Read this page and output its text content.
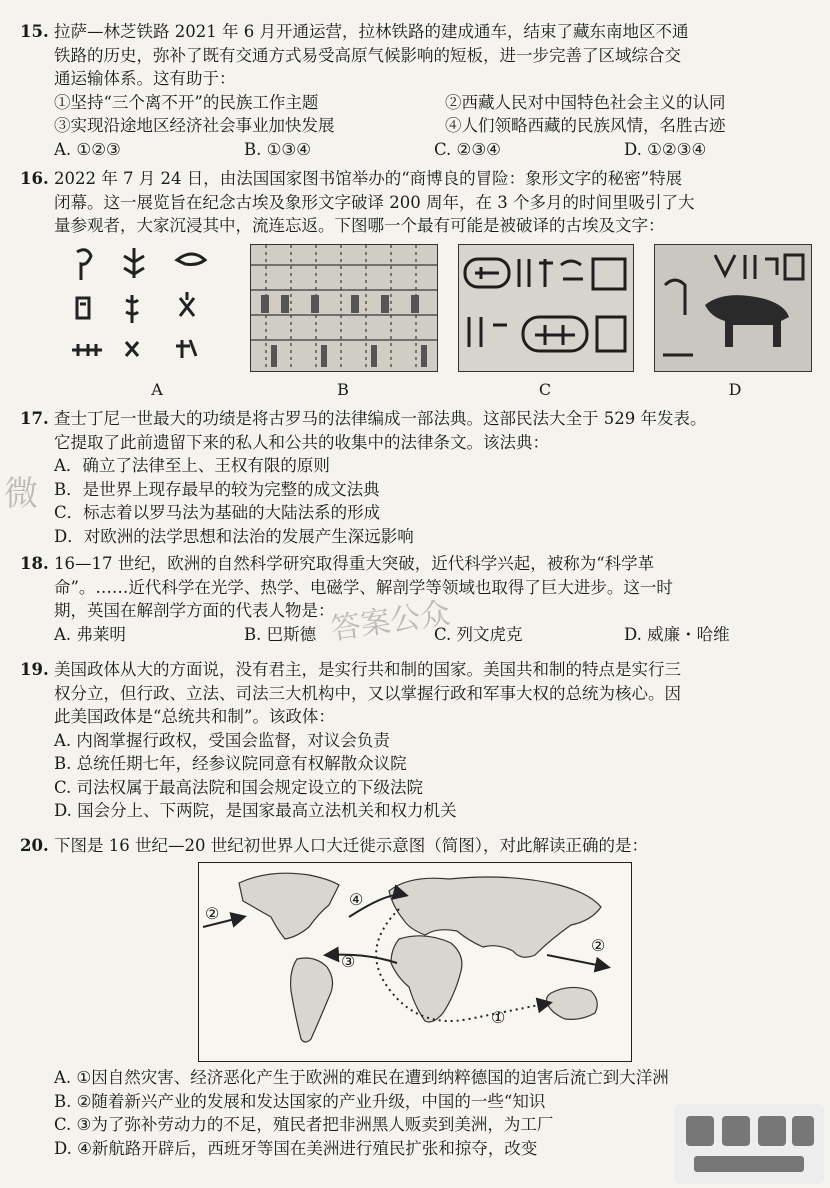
15. 拉萨—林芝铁路 2021 年 6 月开通运营，拉林铁路的建成通车，结束了藏东南地区不通
铁路的历史，弥补了既有交通方式易受高原气候影响的短板，进一步完善了区域综合交
通运输体系。这有助于：
①坚持“三个离不开”的民族工作主题	②西藏人民对中国特色社会主义的认同
③实现沿途地区经济社会事业加快发展	④人们领略西藏的民族风情，名胜古迹
A. ①②③	B. ①③④	C. ②③④	D. ①②③④
16. 2022 年 7 月 24 日，由法国国家图书馆举办的“商博良的冒险：象形文字的秘密”特展
闭幕。这一展览旨在纪念古埃及象形文字破译 200 周年，在 3 个多月的时间里吸引了大
量参观者，大家沉浸其中，流连忘返。下图哪一个最有可能是被破译的古埃及文字：
A	B	C	D
17. 查士丁尼一世最大的功绩是将古罗马的法律编成一部法典。这部民法大全于 529 年发表。
它提取了此前遗留下来的私人和公共的收集中的法律条文。该法典：
A．确立了法律至上、王权有限的原则
B．是世界上现存最早的较为完整的成文法典
C．标志着以罗马法为基础的大陆法系的形成
D．对欧洲的法学思想和法治的发展产生深远影响
18. 16—17 世纪，欧洲的自然科学研究取得重大突破，近代科学兴起，被称为“科学革
命”。……近代科学在光学、热学、电磁学、解剖学等领域也取得了巨大进步。这一时
期，英国在解剖学方面的代表人物是：
A. 弗莱明	B. 巴斯德	C. 列文虎克	D. 威廉・哈维
19. 美国政体从大的方面说，没有君主，是实行共和制的国家。美国共和制的特点是实行三
权分立，但行政、立法、司法三大机构中，又以掌握行政和军事大权的总统为核心。因
此美国政体是“总统共和制”。该政体：
A. 内阁掌握行政权，受国会监督，对议会负责
B. 总统任期七年，经参议院同意有权解散众议院
C. 司法权属于最高法院和国会规定设立的下级法院
D. 国会分上、下两院，是国家最高立法机关和权力机关
20. 下图是 16 世纪—20 世纪初世界人口大迁徙示意图（简图），对此解读正确的是：
②
④
③
①
②
A. ①因自然灾害、经济恶化产生于欧洲的难民在遭到纳粹德国的迫害后流亡到大洋洲
B. ②随着新兴产业的发展和发达国家的产业升级，中国的一些“知识
C. ③为了弥补劳动力的不足，殖民者把非洲黑人贩卖到美洲，为工厂
D. ④新航路开辟后，西班牙等国在美洲进行殖民扩张和掠夺，改变
微
答案公众
